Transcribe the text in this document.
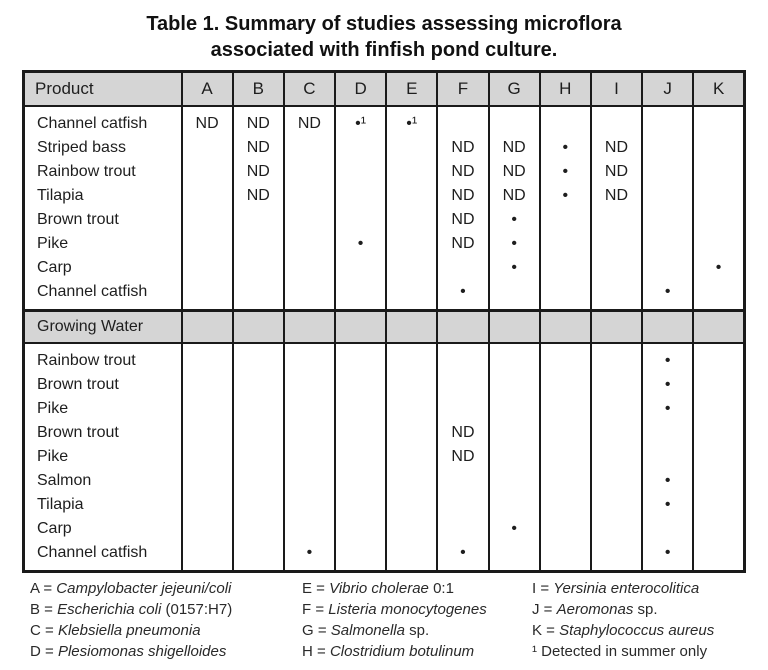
Table 1. Summary of studies assessing microflora
associated with finfish pond culture.
Product	A	B	C	D	E	F	G	H	I	J	K
Channel catfish	ND	ND	ND	•¹	•¹						
Striped bass		ND				ND	ND	•	ND		
Rainbow trout		ND				ND	ND	•	ND		
Tilapia		ND				ND	ND	•	ND		
Brown trout						ND	•				
Pike				•		ND	•				
Carp							•				•
Channel catfish						•				•	
Growing Water											
Rainbow trout										•	
Brown trout										•	
Pike										•	
Brown trout						ND					
Pike						ND					
Salmon										•	
Tilapia										•	
Carp							•				
Channel catfish			•			•				•	
A = Campylobacter jejeuni/coli
B = Escherichia coli (0157:H7)
C = Klebsiella pneumonia
D = Plesiomonas shigelloides
E = Vibrio cholerae 0:1
F = Listeria monocytogenes
G = Salmonella sp.
H = Clostridium botulinum
I = Yersinia enterocolitica
J = Aeromonas sp.
K = Staphylococcus aureus
¹ Detected in summer only
